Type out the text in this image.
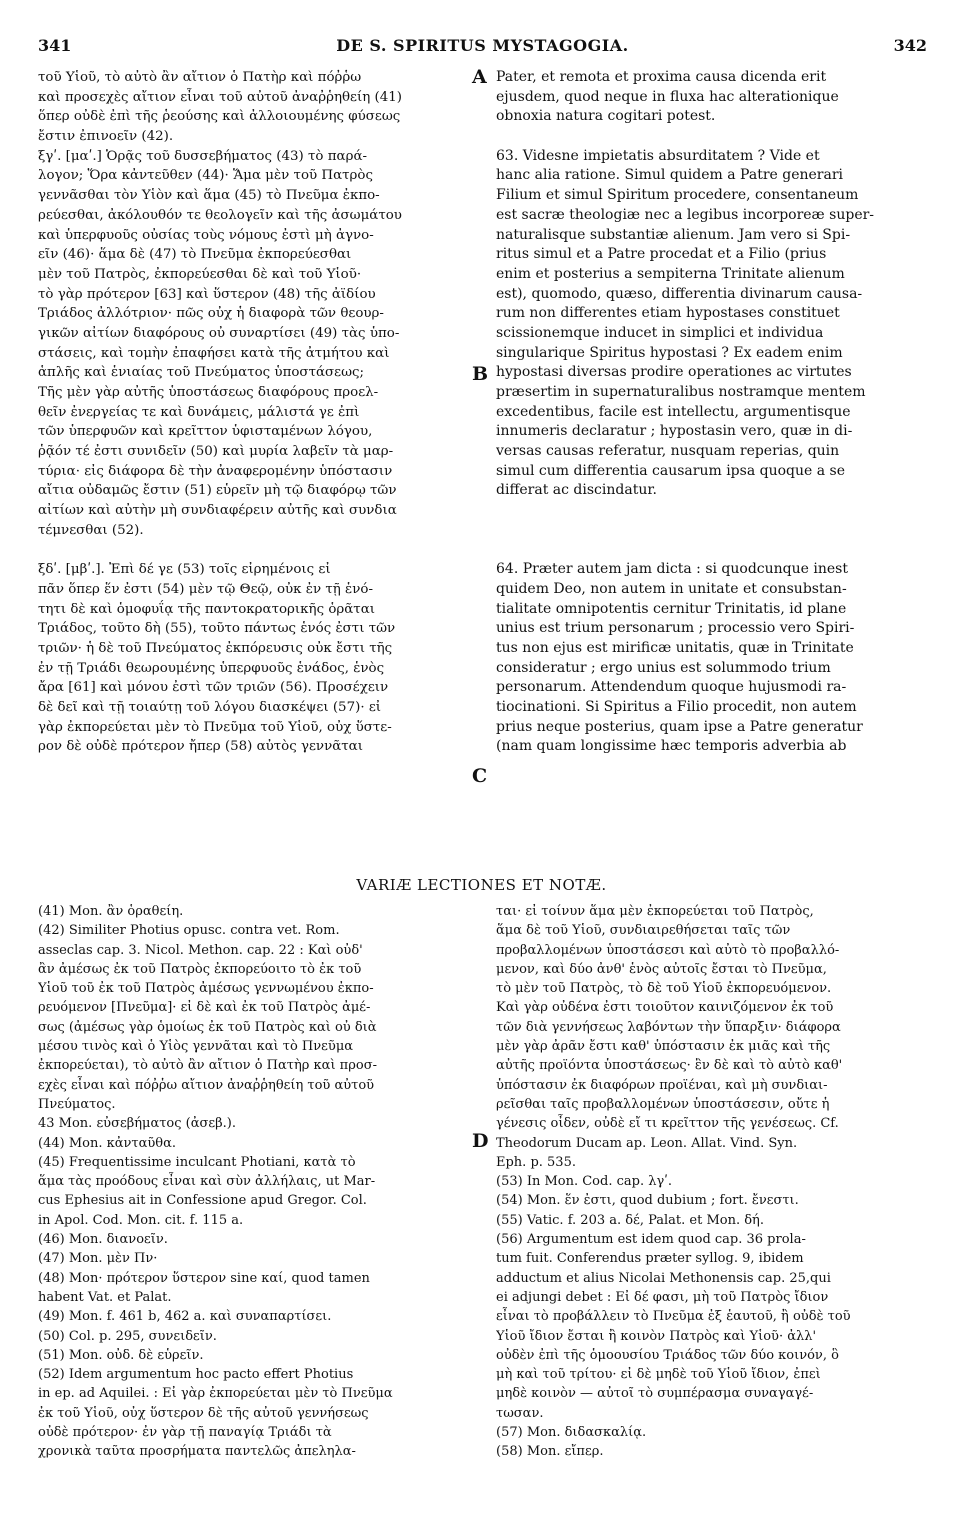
341	DE S. SPIRITUS MYSTAGOGIA.	342
τοῦ Υἱοῦ, τὸ αὐτὸ ἂν αἴτιον ὁ Πατὴρ καὶ πόῤῥω
καὶ προσεχὲς αἴτιον εἶναι τοῦ αὐτοῦ ἀναῤῥηθείη (41)
ὅπερ οὐδὲ ἐπὶ τῆς ῥεούσης καὶ ἀλλοιουμένης φύσεως
ἔστιν ἐπινοεῖν (42).
ξγʹ. [μαʹ.] Ὁρᾷς τοῦ δυσσεβήματος (43) τὸ παρά-
λογον; Ὅρα κἀντεῦθεν (44)· Ἅμα μὲν τοῦ Πατρὸς
γεννᾶσθαι τὸν Υἱὸν καὶ ἅμα (45) τὸ Πνεῦμα ἐκπο-
ρεύεσθαι, ἀκόλουθόν τε θεολογεῖν καὶ τῆς ἀσωμάτου
καὶ ὑπερφυοῦς οὐσίας τοὺς νόμους ἐστὶ μὴ ἀγνο-
εῖν (46)· ἅμα δὲ (47) τὸ Πνεῦμα ἐκπορεύεσθαι
μὲν τοῦ Πατρὸς, ἐκπορεύεσθαι δὲ καὶ τοῦ Υἱοῦ·
τὸ γὰρ πρότερον [63] καὶ ὕστερον (48) τῆς ἀϊδίου
Τριάδος ἀλλότριον· πῶς οὐχ ἡ διαφορὰ τῶν θεουρ-
γικῶν αἰτίων διαφόρους οὐ συναρτίσει (49) τὰς ὑπο-
στάσεις, καὶ τομὴν ἐπαφήσει κατὰ τῆς ἀτμήτου καὶ
ἁπλῆς καὶ ἑνιαίας τοῦ Πνεύματος ὑποστάσεως;
Τῆς μὲν γὰρ αὐτῆς ὑποστάσεως διαφόρους προελ-
θεῖν ἐνεργείας τε καὶ δυνάμεις, μάλιστά γε ἐπὶ
τῶν ὑπερφυῶν καὶ κρεῖττον ὑφισταμένων λόγου,
ῥᾷόν τέ ἐστι συνιδεῖν (50) καὶ μυρία λαβεῖν τὰ μαρ-
τύρια· εἰς διάφορα δὲ τὴν ἀναφερομένην ὑπόστασιν
αἴτια οὐδαμῶς ἔστιν (51) εὑρεῖν μὴ τῷ διαφόρῳ τῶν
αἰτίων καὶ αὐτὴν μὴ συνδιαφέρειν αὐτῆς καὶ συνδια
τέμνεσθαι (52).

ξδʹ. [μβʹ.]. Ἐπὶ δέ γε (53) τοῖς εἰρημένοις εἰ
πᾶν ὅπερ ἕν ἐστι (54) μὲν τῷ Θεῷ, οὐκ ἐν τῇ ἑνό-
τητι δὲ καὶ ὁμοφυΐᾳ τῆς παντοκρατορικῆς ὁρᾶται
Τριάδος, τοῦτο δὴ (55), τοῦτο πάντως ἑνός ἐστι τῶν
τριῶν· ἡ δὲ τοῦ Πνεύματος ἐκπόρευσις οὐκ ἔστι τῆς
ἐν τῇ Τριάδι θεωρουμένης ὑπερφυοῦς ἑνάδος, ἑνὸς
ἄρα [61] καὶ μόνου ἐστὶ τῶν τριῶν (56). Προσέχειν
δὲ δεῖ καὶ τῇ τοιαύτῃ τοῦ λόγου διασκέψει (57)· εἰ
γὰρ ἐκπορεύεται μὲν τὸ Πνεῦμα τοῦ Υἱοῦ, οὐχ ὕστε-
ρον δὲ οὐδὲ πρότερον ἤπερ (58) αὐτὸς γεννᾶται
Pater, et remota et proxima causa dicenda erit
ejusdem, quod neque in fluxa hac alterationique
obnoxia natura cogitari potest.

63. Videsne impietatis absurditatem ? Vide et
hanc alia ratione. Simul quidem a Patre generari
Filium et simul Spiritum procedere, consentaneum
est sacræ theologiæ nec a legibus incorporeæ super-
naturalisque substantiæ alienum. Jam vero si Spi-
ritus simul et a Patre procedat et a Filio (prius
enim et posterius a sempiterna Trinitate alienum
est), quomodo, quæso, differentia divinarum causa-
rum non differentes etiam hypostases constituet
scissionemque inducet in simplici et individua
singularique Spiritus hypostasi ? Ex eadem enim
hypostasi diversas prodire operationes ac virtutes
præsertim in supernaturalibus nostramque mentem
excedentibus, facile est intellectu, argumentisque
innumeris declaratur ; hypostasin vero, quæ in di-
versas causas referatur, nusquam reperias, quin
simul cum differentia causarum ipsa quoque a se
differat ac discindatur.

64. Præter autem jam dicta : si quodcunque inest
quidem Deo, non autem in unitate et consubstan-
tialitate omnipotentis cernitur Trinitatis, id plane
unius est trium personarum ; processio vero Spiri-
tus non ejus est mirificæ unitatis, quæ in Trinitate
consideratur ; ergo unius est solummodo trium
personarum. Attendendum quoque hujusmodi ra-
tiocinationi. Si Spiritus a Filio procedit, non autem
prius neque posterius, quam ipse a Patre generatur
(nam quam longissime hæc temporis adverbia ab
A
B
C
D
VARIÆ LECTIONES ET NOTÆ.
(41) Mon. ἂν ὁραθείη.
(42) Similiter Photius opusc. contra vet. Rom.
asseclas cap. 3. Nicol. Methon. cap. 22 : Καὶ οὐδ'
ἂν ἀμέσως ἐκ τοῦ Πατρὸς ἐκπορεύοιτο τὸ ἐκ τοῦ
Υἱοῦ τοῦ ἐκ τοῦ Πατρὸς ἀμέσως γεννωμένου ἐκπο-
ρευόμενον [Πνεῦμα]· εἰ δὲ καὶ ἐκ τοῦ Πατρὸς ἀμέ-
σως (ἀμέσως γὰρ ὁμοίως ἐκ τοῦ Πατρὸς καὶ οὐ διὰ
μέσου τινὸς καὶ ὁ Υἱὸς γεννᾶται καὶ τὸ Πνεῦμα
ἐκπορεύεται), τὸ αὐτὸ ἂν αἴτιον ὁ Πατὴρ καὶ προσ-
εχὲς εἶναι καὶ πόῤῥω αἴτιον ἀναῤῥηθείη τοῦ αὐτοῦ
Πνεύματος.
43 Mon. εὐσεβήματος (ἀσεβ.).
(44) Mon. κἀνταῦθα.
(45) Frequentissime inculcant Photiani, κατὰ τὸ
ἅμα τὰς προόδους εἶναι καὶ σὺν ἀλλήλαις, ut Mar-
cus Ephesius ait in Confessione apud Gregor. Col.
in Apol. Cod. Mon. cit. f. 115 a.
(46) Mon. διανοεῖν.
(47) Mon. μὲν Πν·
(48) Mon· πρότερον ὕστερον sine καί, quod tamen
habent Vat. et Palat.
(49) Mon. f. 461 b, 462 a. καὶ συναπαρτίσει.
(50) Col. p. 295, συνειδεῖν.
(51) Mon. οὐδ. δὲ εὑρεῖν.
(52) Idem argumentum hoc pacto effert Photius
in ep. ad Aquilei. : Εἰ γὰρ ἐκπορεύεται μὲν τὸ Πνεῦμα
ἐκ τοῦ Υἱοῦ, οὐχ ὕστερον δὲ τῆς αὐτοῦ γεννήσεως
οὐδὲ πρότερον· ἐν γὰρ τῇ παναγίᾳ Τριάδι τὰ
χρονικὰ ταῦτα προσρήματα παντελῶς ἀπεληλα-
ται· εἰ τοίνυν ἅμα μὲν ἐκπορεύεται τοῦ Πατρὸς,
ἅμα δὲ τοῦ Υἱοῦ, συνδιαιρεθήσεται ταῖς τῶν
προβαλλομένων ὑποστάσεσι καὶ αὐτὸ τὸ προβαλλό-
μενον, καὶ δύο ἀνθ' ἑνὸς αὐτοῖς ἔσται τὸ Πνεῦμα,
τὸ μὲν τοῦ Πατρὸς, τὸ δὲ τοῦ Υἱοῦ ἐκπορευόμενον.
Καὶ γὰρ οὐδένα ἐστι τοιοῦτον καινιζόμενον ἐκ τοῦ
τῶν διὰ γεννήσεως λαβόντων τὴν ὕπαρξιν· διάφορα
μὲν γὰρ ἀρᾶν ἔστι καθ' ὑπόστασιν ἐκ μιᾶς καὶ τῆς
αὐτῆς προϊόντα ὑποστάσεως· ἓν δὲ καὶ τὸ αὐτὸ καθ'
ὑπόστασιν ἐκ διαφόρων προϊέναι, καὶ μὴ συνδιαι-
ρεῖσθαι ταῖς προβαλλομένων ὑποστάσεσιν, οὔτε ἡ
γένεσις οἶδεν, οὐδὲ εἴ τι κρεῖττον τῆς γενέσεως. Cf.
Theodorum Ducam ap. Leon. Allat. Vind. Syn.
Eph. p. 535.
(53) In Mon. Cod. cap. λγʹ.
(54) Mon. ἕν ἐστι, quod dubium ; fort. ἔνεστι.
(55) Vatic. f. 203 a. δέ, Palat. et Mon. δή.
(56) Argumentum est idem quod cap. 36 prola-
tum fuit. Conferendus præter syllog. 9, ibidem
adductum et alius Nicolai Methonensis cap. 25,qui
ei adjungi debet : Εἰ δέ φασι, μὴ τοῦ Πατρὸς ἴδιον
εἶναι τὸ προβάλλειν τὸ Πνεῦμα ἐξ ἑαυτοῦ, ἢ οὐδὲ τοῦ
Υἱοῦ ἴδιον ἔσται ἢ κοινὸν Πατρὸς καὶ Υἱοῦ· ἀλλ'
οὐδὲν ἐπὶ τῆς ὁμοουσίου Τριάδος τῶν δύο κοινόν, ὃ
μὴ καὶ τοῦ τρίτου· εἰ δὲ μηδὲ τοῦ Υἱοῦ ἴδιον, ἐπεὶ
μηδὲ κοινὸν — αὐτοῖ τὸ συμπέρασμα συναγαγέ-
τωσαν.
(57) Mon. διδασκαλίᾳ.
(58) Mon. εἴπερ.
